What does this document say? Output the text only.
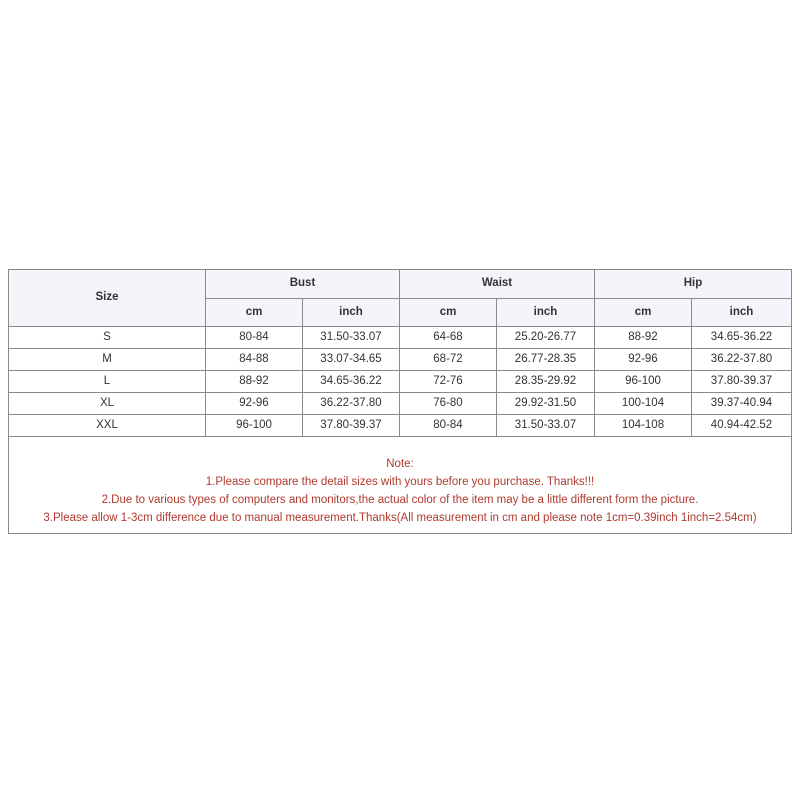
Size	Bust		Waist		Hip	
	cm	inch	cm	inch	cm	inch
S	80-84	31.50-33.07	64-68	25.20-26.77	88-92	34.65-36.22
M	84-88	33.07-34.65	68-72	26.77-28.35	92-96	36.22-37.80
L	88-92	34.65-36.22	72-76	28.35-29.92	96-100	37.80-39.37
XL	92-96	36.22-37.80	76-80	29.92-31.50	100-104	39.37-40.94
XXL	96-100	37.80-39.37	80-84	31.50-33.07	104-108	40.94-42.52

Note:
1.Please compare the detail sizes with yours before you purchase. Thanks!!!
2.Due to various types of computers and monitors,the actual color of the item may be a little different form the picture.
3.Please allow 1-3cm difference due to manual measurement.Thanks(All measurement in cm and please note 1cm=0.39inch 1inch=2.54cm)						
